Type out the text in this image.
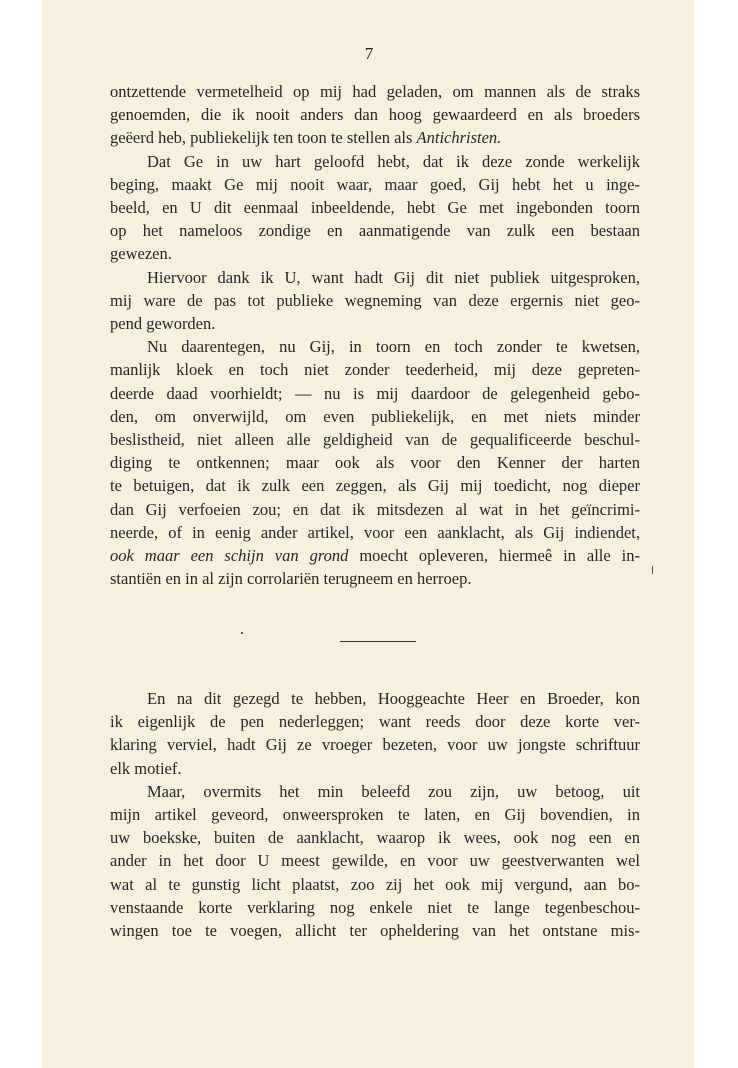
7
ontzettende vermetelheid op mij had geladen, om mannen als de straks
genoemden, die ik nooit anders dan hoog gewaardeerd en als broeders
geëerd heb, publiekelijk ten toon te stellen als Antichristen.
Dat Ge in uw hart geloofd hebt, dat ik deze zonde werkelijk
beging, maakt Ge mij nooit waar, maar goed, Gij hebt het u inge-
beeld, en U dit eenmaal inbeeldende, hebt Ge met ingebonden toorn
op het nameloos zondige en aanmatigende van zulk een bestaan
gewezen.
Hiervoor dank ik U, want hadt Gij dit niet publiek uitgesproken,
mij ware de pas tot publieke wegneming van deze ergernis niet geo-
pend geworden.
Nu daarentegen, nu Gij, in toorn en toch zonder te kwetsen,
manlijk kloek en toch niet zonder teederheid, mij deze gepreten-
deerde daad voorhieldt; — nu is mij daardoor de gelegenheid gebo-
den, om onverwijld, om even publiekelijk, en met niets minder
beslistheid, niet alleen alle geldigheid van de gequalificeerde beschul-
diging te ontkennen; maar ook als voor den Kenner der harten
te betuigen, dat ik zulk een zeggen, als Gij mij toedicht, nog dieper
dan Gij verfoeien zou; en dat ik mitsdezen al wat in het geïncrimi-
neerde, of in eenig ander artikel, voor een aanklacht, als Gij indiendet,
ook maar een schijn van grond moecht opleveren, hiermeê in alle in-
stantiën en in al zijn corrolariën terugneem en herroep.
En na dit gezegd te hebben, Hooggeachte Heer en Broeder, kon
ik eigenlijk de pen nederleggen; want reeds door deze korte ver-
klaring verviel, hadt Gij ze vroeger bezeten, voor uw jongste schriftuur
elk motief.
Maar, overmits het min beleefd zou zijn, uw betoog, uit
mijn artikel geveord, onweersproken te laten, en Gij bovendien, in
uw boekske, buiten de aanklacht, waarop ik wees, ook nog een en
ander in het door U meest gewilde, en voor uw geestverwanten wel
wat al te gunstig licht plaatst, zoo zij het ook mij vergund, aan bo-
venstaande korte verklaring nog enkele niet te lange tegenbeschou-
wingen toe te voegen, allicht ter opheldering van het ontstane mis-
